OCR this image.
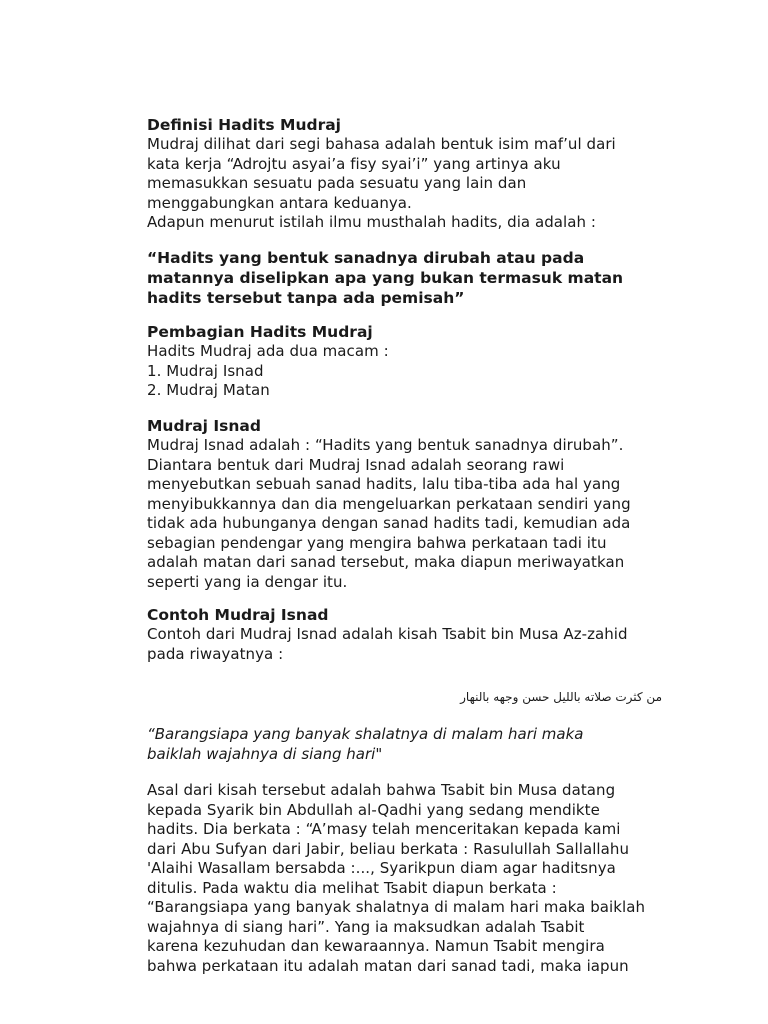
Definisi Hadits Mudraj
Mudraj dilihat dari segi bahasa adalah bentuk isim maf’ul dari
kata kerja “Adrojtu asyai’a fisy syai’i” yang artinya aku
memasukkan sesuatu pada sesuatu yang lain dan
menggabungkan antara keduanya.
Adapun menurut istilah ilmu musthalah hadits, dia adalah :
“Hadits yang bentuk sanadnya dirubah atau pada
matannya diselipkan apa yang bukan termasuk matan
hadits tersebut tanpa ada pemisah”
Pembagian Hadits Mudraj
Hadits Mudraj ada dua macam :
1. Mudraj Isnad
2. Mudraj Matan
Mudraj Isnad
Mudraj Isnad adalah : “Hadits yang bentuk sanadnya dirubah”.
Diantara bentuk dari Mudraj Isnad adalah seorang rawi
menyebutkan sebuah sanad hadits, lalu tiba-tiba ada hal yang
menyibukkannya dan dia mengeluarkan perkataan sendiri yang
tidak ada hubunganya dengan sanad hadits tadi, kemudian ada
sebagian pendengar yang mengira bahwa perkataan tadi itu
adalah matan dari sanad tersebut, maka diapun meriwayatkan
seperti yang ia dengar itu.
Contoh Mudraj Isnad
Contoh dari Mudraj Isnad adalah kisah Tsabit bin Musa Az-zahid
pada riwayatnya :
“Barangsiapa yang banyak shalatnya di malam hari maka
baiklah wajahnya di siang hari"
Asal dari kisah tersebut adalah bahwa Tsabit bin Musa datang
kepada Syarik bin Abdullah al-Qadhi yang sedang mendikte
hadits. Dia berkata : “A’masy telah menceritakan kepada kami
dari Abu Sufyan dari Jabir, beliau berkata : Rasulullah Sallallahu
'Alaihi Wasallam bersabda :..., Syarikpun diam agar haditsnya
ditulis. Pada waktu dia melihat Tsabit diapun berkata :
“Barangsiapa yang banyak shalatnya di malam hari maka baiklah
wajahnya di siang hari”. Yang ia maksudkan adalah Tsabit
karena kezuhudan dan kewaraannya. Namun Tsabit mengira
bahwa perkataan itu adalah matan dari sanad tadi, maka iapun
من كثرت صلاته بالليل حسن وجهه بالنهار
